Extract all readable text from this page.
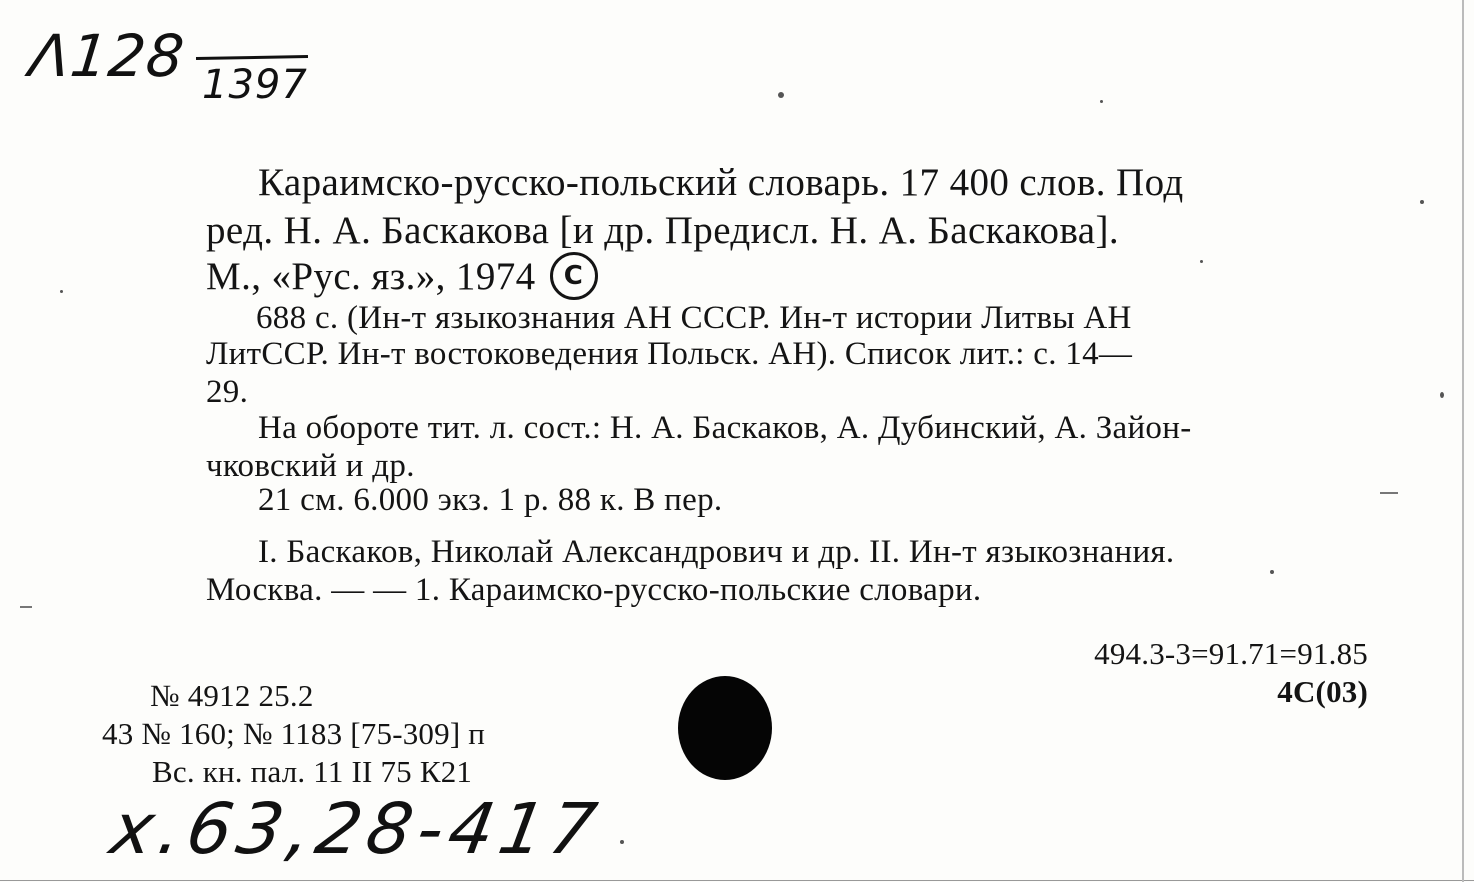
Λ128 1397
Караимско-русско-польский словарь. 17 400 слов. Под
ред. Н. А. Баскакова [и др. Предисл. Н. А. Баскакова].
М., «Рус. яз.», 1974 C
688 с. (Ин-т языкознания АН СССР. Ин-т истории Литвы АН
ЛитССР. Ин-т востоковедения Польск. АН). Список лит.: с. 14—
29.
На обороте тит. л. сост.: Н. А. Баскаков, А. Дубинский, А. Зайон-
чковский и др.
21 см. 6.000 экз. 1 р. 88 к. В пер.
I. Баскаков, Николай Александрович и др. II. Ин-т языкознания.
Москва. — — 1. Караимско-русско-польские словари.
494.3-3=91.71=91.85
4С(03)
№ 4912 25.2
43 № 160; № 1183 [75-309] п
Вс. кн. пал. 11 II 75 К21
х.63,28-417
